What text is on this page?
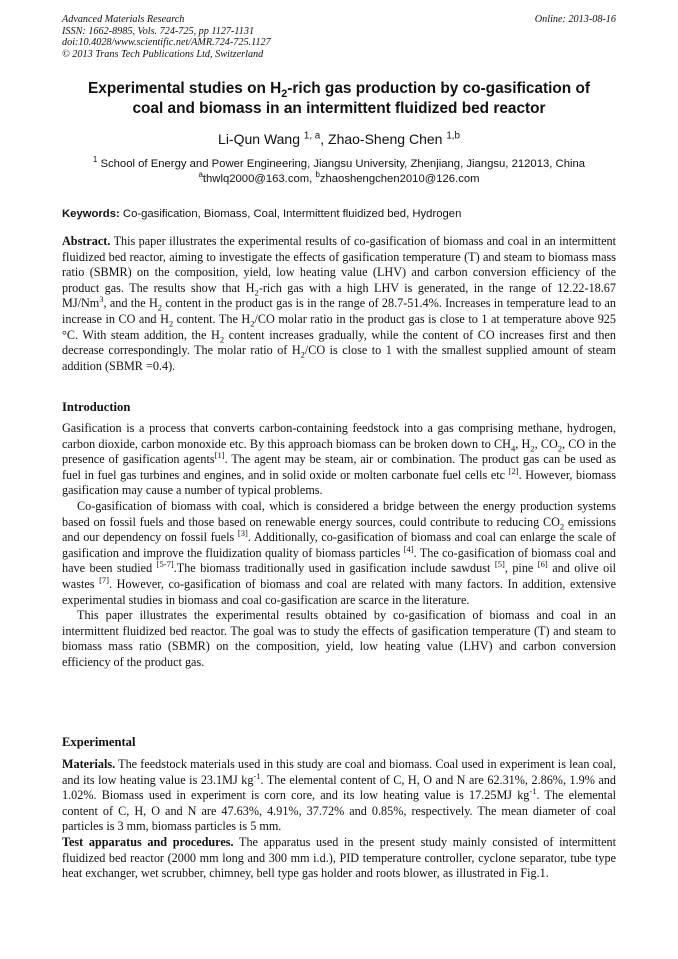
Advanced Materials Research
ISSN: 1662-8985, Vols. 724-725, pp 1127-1131
doi:10.4028/www.scientific.net/AMR.724-725.1127
© 2013 Trans Tech Publications Ltd, Switzerland
Online: 2013-08-16
Experimental studies on $H_2$-rich gas production by co-gasification of
coal and biomass in an intermittent fluidized bed reactor
Li-Qun Wang $^{1, a}$, Zhao-Sheng Chen $^{1,b}$
$^1$ School of Energy and Power Engineering, Jiangsu University, Zhenjiang, Jiangsu, 212013, China
$^a$thwlq2000@163.com, $^b$zhaoshengchen2010@126.com
Keywords: Co-gasification, Biomass, Coal, Intermittent fluidized bed, Hydrogen

Abstract. This paper illustrates the experimental results of co-gasification of biomass and coal in an intermittent fluidized bed reactor, aiming to investigate the effects of gasification temperature (T) and steam to biomass mass ratio (SBMR) on the composition, yield, low heating value (LHV) and carbon conversion efficiency of the product gas. The results show that $H_2$-rich gas with a high LHV is generated, in the range of 12.22-18.67 MJ/Nm$^3$, and the $H_2$ content in the product gas is in the range of 28.7-51.4%. Increases in temperature lead to an increase in CO and $H_2$ content. The $H_2/CO$ molar ratio in the product gas is close to 1 at temperature above 925 °C. With steam addition, the $H_2$ content increases gradually, while the content of CO increases first and then decrease correspondingly. The molar ratio of $H_2/CO$ is close to 1 with the smallest supplied amount of steam addition (SBMR =0.4).

Introduction

Gasification is a process that converts carbon-containing feedstock into a gas comprising methane, hydrogen, carbon dioxide, carbon monoxide etc. By this approach biomass can be broken down to $CH_4$, $H_2$, $CO_2$, CO in the presence of gasification agents[1]. The agent may be steam, air or combination. The product gas can be used as fuel in fuel gas turbines and engines, and in solid oxide or molten carbonate fuel cells etc [2]. However, biomass gasification may cause a number of typical problems.

Co-gasification of biomass with coal, which is considered a bridge between the energy production systems based on fossil fuels and those based on renewable energy sources, could contribute to reducing $CO_2$ emissions and our dependency on fossil fuels [3]. Additionally, co-gasification of biomass and coal can enlarge the scale of gasification and improve the fluidization quality of biomass particles [4]. The co-gasification of biomass coal and have been studied [5-7].The biomass traditionally used in gasification include sawdust [5], pine [6] and olive oil wastes [7]. However, co-gasification of biomass and coal are related with many factors. In addition, extensive experimental studies in biomass and coal co-gasification are scarce in the literature.

This paper illustrates the experimental results obtained by co-gasification of biomass and coal in an intermittent fluidized bed reactor. The goal was to study the effects of gasification temperature (T) and steam to biomass mass ratio (SBMR) on the composition, yield, low heating value (LHV) and carbon conversion efficiency of the product gas.

Experimental

Materials. The feedstock materials used in this study are coal and biomass. Coal used in experiment is lean coal, and its low heating value is 23.1MJ $kg^{-1}$. The elemental content of C, H, O and N are 62.31%, 2.86%, 1.9% and 1.02%. Biomass used in experiment is corn core, and its low heating value is 17.25MJ $kg^{-1}$. The elemental content of C, H, O and N are 47.63%, 4.91%, 37.72% and 0.85%, respectively. The mean diameter of coal particles is 3 mm, biomass particles is 5 mm.

Test apparatus and procedures. The apparatus used in the present study mainly consisted of intermittent fluidized bed reactor (2000 mm long and 300 mm i.d.), PID temperature controller, cyclone separator, tube type heat exchanger, wet scrubber, chimney, bell type gas holder and roots blower, as illustrated in Fig.1.
